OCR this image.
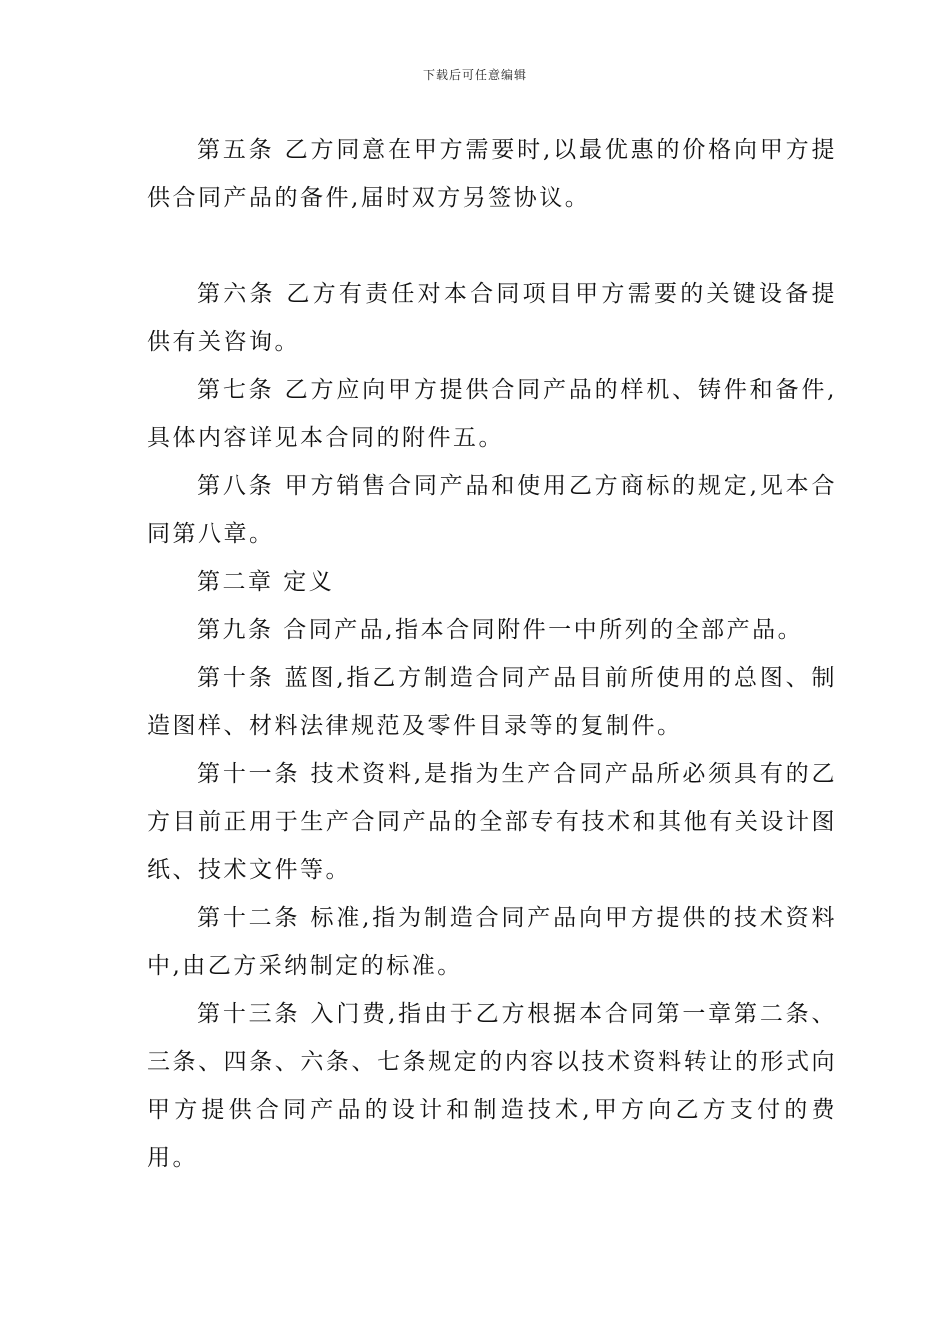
下载后可任意编辑

第五条 乙方同意在甲方需要时,以最优惠的价格向甲方提供合同产品的备件,届时双方另签协议。

第六条 乙方有责任对本合同项目甲方需要的关键设备提供有关咨询。

第七条 乙方应向甲方提供合同产品的样机、铸件和备件,具体内容详见本合同的附件五。

第八条 甲方销售合同产品和使用乙方商标的规定,见本合同第八章。

第二章 定义

第九条 合同产品,指本合同附件一中所列的全部产品。

第十条 蓝图,指乙方制造合同产品目前所使用的总图、制造图样、材料法律规范及零件目录等的复制件。

第十一条 技术资料,是指为生产合同产品所必须具有的乙方目前正用于生产合同产品的全部专有技术和其他有关设计图纸、技术文件等。

第十二条 标准,指为制造合同产品向甲方提供的技术资料中,由乙方采纳制定的标准。

第十三条 入门费,指由于乙方根据本合同第一章第二条、三条、四条、六条、七条规定的内容以技术资料转让的形式向甲方提供合同产品的设计和制造技术,甲方向乙方支付的费用。
